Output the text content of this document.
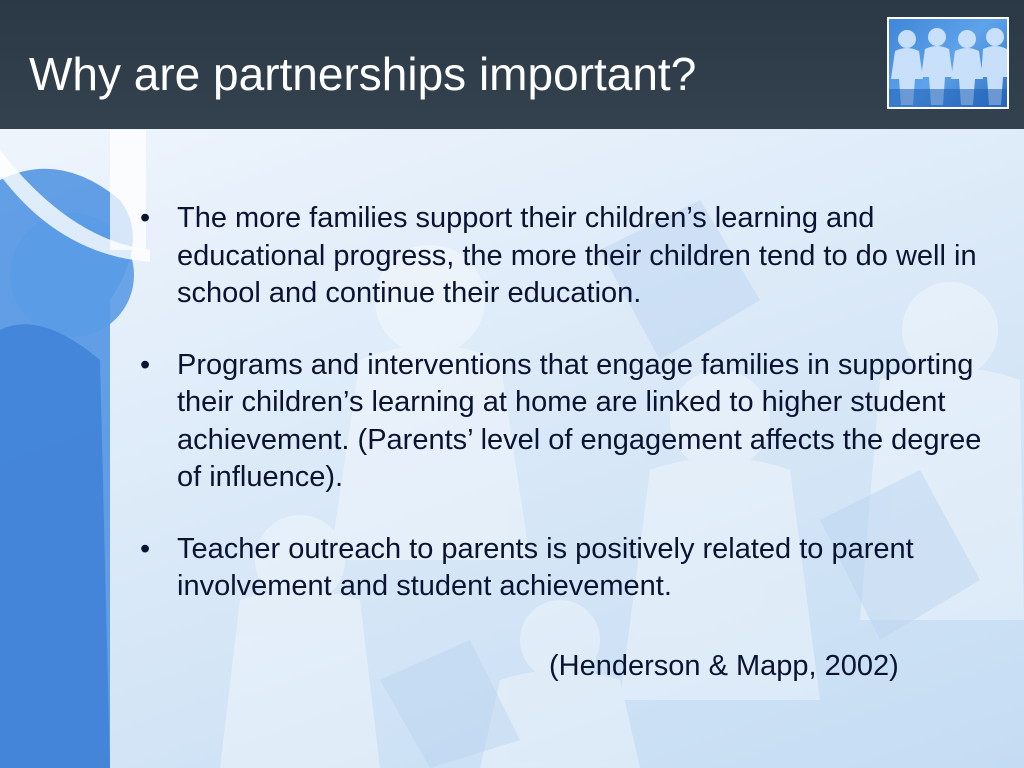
Why are partnerships important?
• The more families support their children’s learning and educational progress, the more their children tend to do well in school and continue their education.
• Programs and interventions that engage families in supporting their children’s learning at home are linked to higher student achievement. (Parents’ level of engagement affects the degree of influence).
• Teacher outreach to parents is positively related to parent involvement and student achievement.

(Henderson & Mapp, 2002)
